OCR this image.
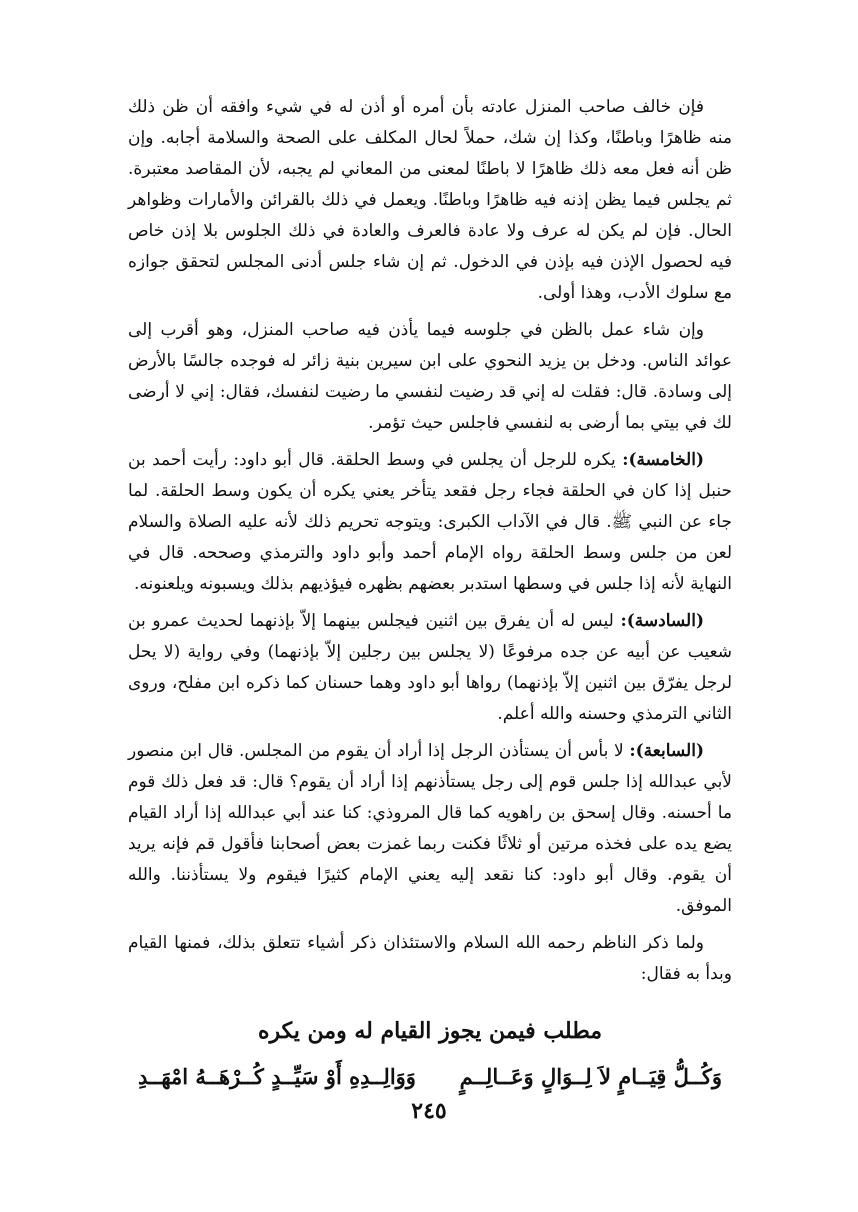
فإن خالف صاحب المنزل عادته بأن أمره أو أذن له في شيء وافقه أن ظن ذلك منه ظاهرًا وباطنًا، وكذا إن شك، حملاً لحال المكلف على الصحة والسلامة أجابه. وإن ظن أنه فعل معه ذلك ظاهرًا لا باطنًا لمعنى من المعاني لم يجبه، لأن المقاصد معتبرة. ثم يجلس فيما يظن إذنه فيه ظاهرًا وباطنًا. ويعمل في ذلك بالقرائن والأمارات وظواهر الحال. فإن لم يكن له عرف ولا عادة فالعرف والعادة في ذلك الجلوس بلا إذن خاص فيه لحصول الإذن فيه بإذن في الدخول. ثم إن شاء جلس أدنى المجلس لتحقق جوازه مع سلوك الأدب، وهذا أولى.

وإن شاء عمل بالظن في جلوسه فيما يأذن فيه صاحب المنزل، وهو أقرب إلى عوائد الناس. ودخل بن يزيد النحوي على ابن سيرين بنية زائر له فوجده جالسًا بالأرض إلى وسادة. قال: فقلت له إني قد رضيت لنفسي ما رضيت لنفسك، فقال: إني لا أرضى لك في بيتي بما أرضى به لنفسي فاجلس حيث تؤمر.

(الخامسة): يكره للرجل أن يجلس في وسط الحلقة. قال أبو داود: رأيت أحمد بن حنبل إذا كان في الحلقة فجاء رجل فقعد يتأخر يعني يكره أن يكون وسط الحلقة. لما جاء عن النبي ﷺ. قال في الآداب الكبرى: ويتوجه تحريم ذلك لأنه عليه الصلاة والسلام لعن من جلس وسط الحلقة رواه الإمام أحمد وأبو داود والترمذي وصححه. قال في النهاية لأنه إذا جلس في وسطها استدبر بعضهم بظهره فيؤذيهم بذلك ويسبونه ويلعنونه.

(السادسة): ليس له أن يفرق بين اثنين فيجلس بينهما إلاّ بإذنهما لحديث عمرو بن شعيب عن أبيه عن جده مرفوعًا (لا يجلس بين رجلين إلاّ بإذنهما) وفي رواية (لا يحل لرجل يفرّق بين اثنين إلاّ بإذنهما) رواها أبو داود وهما حسنان كما ذكره ابن مفلح، وروى الثاني الترمذي وحسنه والله أعلم.

(السابعة): لا بأس أن يستأذن الرجل إذا أراد أن يقوم من المجلس. قال ابن منصور لأبي عبدالله إذا جلس قوم إلى رجل يستأذنهم إذا أراد أن يقوم؟ قال: قد فعل ذلك قوم ما أحسنه. وقال إسحق بن راهويه كما قال المروذي: كنا عند أبي عبدالله إذا أراد القيام يضع يده على فخذه مرتين أو ثلاثًا فكنت ربما غمزت بعض أصحابنا فأقول قم فإنه يريد أن يقوم. وقال أبو داود: كنا نقعد إليه يعني الإمام كثيرًا فيقوم ولا يستأذننا. والله الموفق.

ولما ذكر الناظم رحمه الله السلام والاستئذان ذكر أشياء تتعلق بذلك، فمنها القيام وبدأ به فقال:

مطلب فيمن يجوز القيام له ومن يكره
وَكُــلُّ قِيَــامٍ لاَ لِــوَالٍ وَعَــالِــمٍ
وَوَالِــدِهِ أَوْ سَيِّــدٍ كُــرْهَــهُ امْهَــدِ
٢٤٥
